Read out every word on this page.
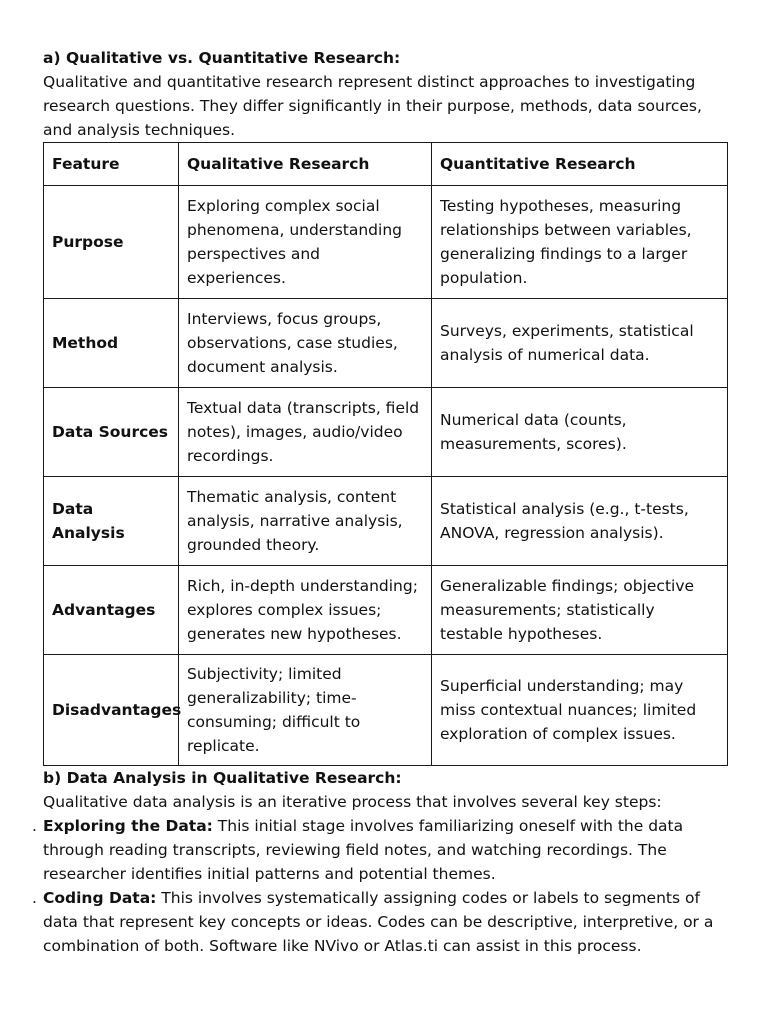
a) Qualitative vs. Quantitative Research:

Qualitative and quantitative research represent distinct approaches to investigating research questions. They differ significantly in their purpose, methods, data sources, and analysis techniques.

Feature	Qualitative Research	Quantitative Research
Purpose	Exploring complex social phenomena, understanding perspectives and experiences.	Testing hypotheses, measuring relationships between variables, generalizing findings to a larger population.
Method	Interviews, focus groups, observations, case studies, document analysis.	Surveys, experiments, statistical analysis of numerical data.
Data Sources	Textual data (transcripts, field notes), images, audio/video recordings.	Numerical data (counts, measurements, scores).
Data Analysis	Thematic analysis, content analysis, narrative analysis, grounded theory.	Statistical analysis (e.g., t-tests, ANOVA, regression analysis).
Advantages	Rich, in-depth understanding; explores complex issues; generates new hypotheses.	Generalizable findings; objective measurements; statistically testable hypotheses.
Disadvantages	Subjectivity; limited generalizability; time-consuming; difficult to replicate.	Superficial understanding; may miss contextual nuances; limited exploration of complex issues.

b) Data Analysis in Qualitative Research:

Qualitative data analysis is an iterative process that involves several key steps:

. Exploring the Data: This initial stage involves familiarizing oneself with the data through reading transcripts, reviewing field notes, and watching recordings. The researcher identifies initial patterns and potential themes.

. Coding Data: This involves systematically assigning codes or labels to segments of data that represent key concepts or ideas. Codes can be descriptive, interpretive, or a combination of both. Software like NVivo or Atlas.ti can assist in this process.
